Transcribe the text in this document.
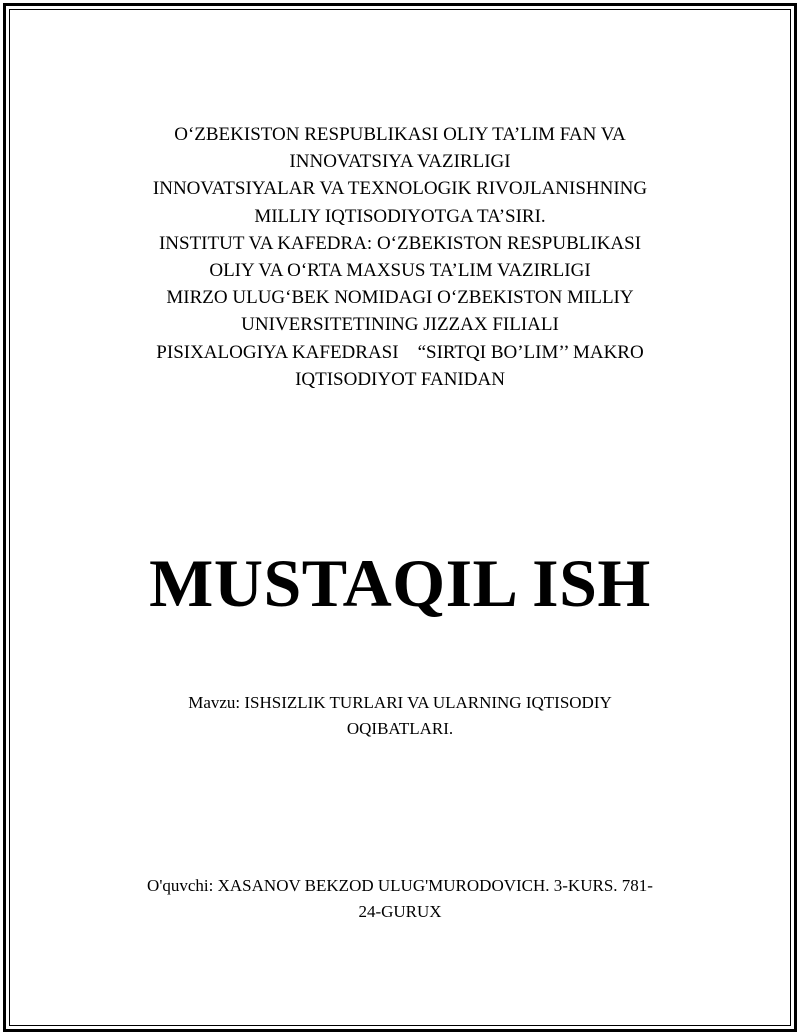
O‘ZBEKISTON RESPUBLIKASI OLIY TA’LIM FAN VA
INNOVATSIYA VAZIRLIGI
INNOVATSIYALAR VA TEXNOLOGIK RIVOJLANISHNING
MILLIY IQTISODIYOTGA TA’SIRI.
INSTITUT VA KAFEDRA: O‘ZBEKISTON RESPUBLIKASI
OLIY VA O‘RTA MAXSUS TA’LIM VAZIRLIGI
MIRZO ULUG‘BEK NOMIDAGI O‘ZBEKISTON MILLIY
UNIVERSITETINING JIZZAX FILIALI
PISIXALOGIYA KAFEDRASI    “SIRTQI BO’LIM’’ MAKRO
IQTISODIYOT FANIDAN
MUSTAQIL ISH
Mavzu: ISHSIZLIK TURLARI VA ULARNING IQTISODIY
OQIBATLARI.
O'quvchi: XASANOV BEKZOD ULUG'MURODOVICH. 3-KURS. 781-
24-GURUX
